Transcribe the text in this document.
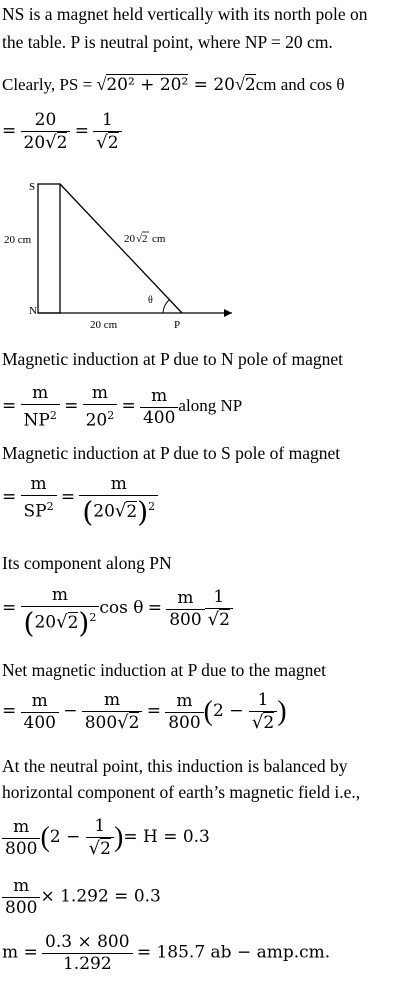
NS is a magnet held vertically with its north pole on
the table. P is neutral point, where NP = 20 cm.
Clearly, PS = √20² + 20² = 20√2cm and cos θ
= $\frac{20}{20√2} = \frac{1}{√2}$
S
N
P
20 cm
20 cm
θ
20 √ 2 cm
Magnetic induction at P due to N pole of magnet
= $\frac{m}{NP^2} = \frac{m}{20^2} = \frac{m}{400}$ along NP
Magnetic induction at P due to S pole of magnet
= $\frac{m}{SP^2} = \frac{m}{(20√2)^2}$
Its component along PN
= $\frac{m}{(20√2)^2}$ $\cos \theta = \frac{m}{800} \frac{1}{√2}$
Net magnetic induction at P due to the magnet
= $\frac{m}{400} - \frac{m}{800√2} = \frac{m}{800} (2 - \frac{1}{√2}$ )
At the neutral point, this induction is balanced by
horizontal component of earth’s magnetic field i.e.,
$\frac{m}{800} (2 - \frac{1}{√2}$ )= H = 0.3
$\frac{m}{800} \times 1.292 = 0.3$
$m = \frac{0.3 \times 800}{1.292} = 185.7$ ab − amp.cm.
